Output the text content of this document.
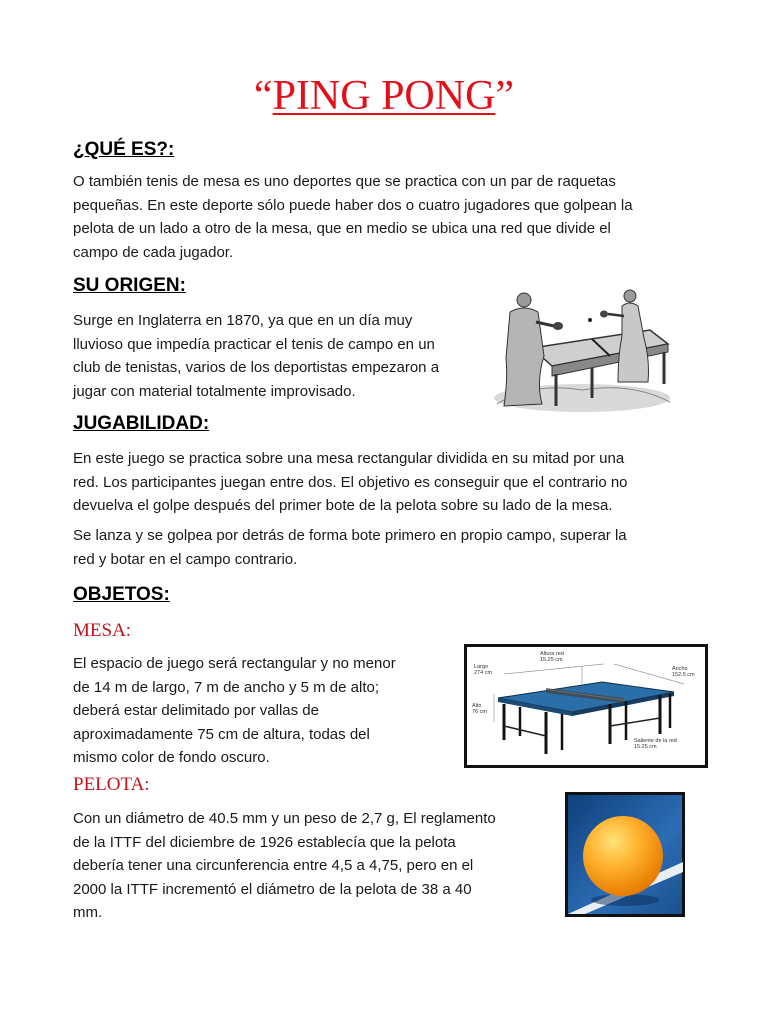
“PING PONG”
¿QUÉ ES?:
O también tenis de mesa es uno deportes que se practica con un par de raquetas
pequeñas. En este deporte sólo puede haber dos o cuatro jugadores que golpean la
pelota de un lado a otro de la mesa, que en medio se ubica una red que divide el
campo de cada jugador.
SU ORIGEN:
Surge en Inglaterra en 1870, ya que en un día muy
lluvioso que impedía practicar el tenis de campo en un
club de tenistas, varios de los deportistas empezaron a
jugar con material totalmente improvisado.
JUGABILIDAD:
En este juego se practica sobre una mesa rectangular dividida en su mitad por una
red. Los participantes juegan entre dos. El objetivo es conseguir que el contrario no
devuelva el golpe después del primer bote de la pelota sobre su lado de la mesa.
Se lanza y se golpea por detrás de forma bote primero en propio campo, superar la
red y botar en el campo contrario.
OBJETOS:
MESA:
El espacio de juego será rectangular y no menor
de 14 m de largo, 7 m de ancho y 5 m de alto;
deberá estar delimitado por vallas de
aproximadamente 75 cm de altura, todas del
mismo color de fondo oscuro.
Altura red
15.25 cm
Largo
274 cm
Ancho
152.5 cm
Alto
76 cm
Saliente de la red
15.25 cm
PELOTA:
Con un diámetro de 40.5 mm y un peso de 2,7 g, El reglamento
de la ITTF del diciembre de 1926 establecía que la pelota
debería tener una circunferencia entre 4,5 a 4,75, pero en el
2000 la ITTF incrementó el diámetro de la pelota de 38 a 40
mm.
